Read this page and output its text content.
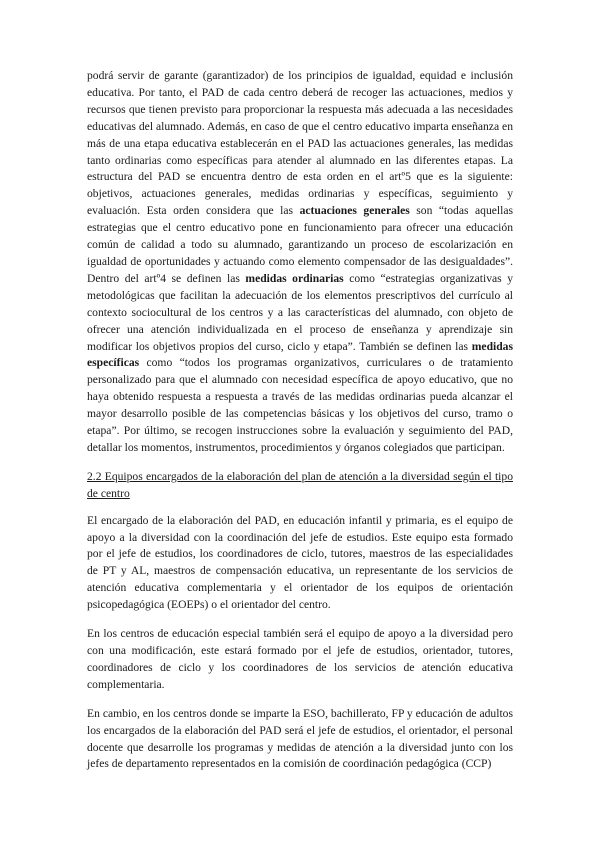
podrá servir de garante (garantizador) de los principios de igualdad, equidad e inclusión educativa. Por tanto, el PAD de cada centro deberá de recoger las actuaciones, medios y recursos que tienen previsto para proporcionar la respuesta más adecuada a las necesidades educativas del alumnado. Además, en caso de que el centro educativo imparta enseñanza en más de una etapa educativa establecerán en el PAD las actuaciones generales, las medidas tanto ordinarias como específicas para atender al alumnado en las diferentes etapas. La estructura del PAD se encuentra dentro de esta orden en el artº5 que es la siguiente: objetivos, actuaciones generales, medidas ordinarias y específicas, seguimiento y evaluación. Esta orden considera que las actuaciones generales son “todas aquellas estrategias que el centro educativo pone en funcionamiento para ofrecer una educación común de calidad a todo su alumnado, garantizando un proceso de escolarización en igualdad de oportunidades y actuando como elemento compensador de las desigualdades”. Dentro del artº4 se definen las medidas ordinarias como “estrategias organizativas y metodológicas que facilitan la adecuación de los elementos prescriptivos del currículo al contexto sociocultural de los centros y a las características del alumnado, con objeto de ofrecer una atención individualizada en el proceso de enseñanza y aprendizaje sin modificar los objetivos propios del curso, ciclo y etapa”. También se definen las medidas específicas como “todos los programas organizativos, curriculares o de tratamiento personalizado para que el alumnado con necesidad específica de apoyo educativo, que no haya obtenido respuesta a respuesta a través de las medidas ordinarias pueda alcanzar el mayor desarrollo posible de las competencias básicas y los objetivos del curso, tramo o etapa”. Por último, se recogen instrucciones sobre la evaluación y seguimiento del PAD, detallar los momentos, instrumentos, procedimientos y órganos colegiados que participan.

2.2 Equipos encargados de la elaboración del plan de atención a la diversidad según el tipo de centro

El encargado de la elaboración del PAD, en educación infantil y primaria, es el equipo de apoyo a la diversidad con la coordinación del jefe de estudios. Este equipo esta formado por el jefe de estudios, los coordinadores de ciclo, tutores, maestros de las especialidades de PT y AL, maestros de compensación educativa, un representante de los servicios de atención educativa complementaria y el orientador de los equipos de orientación psicopedagógica (EOEPs) o el orientador del centro.

En los centros de educación especial también será el equipo de apoyo a la diversidad pero con una modificación, este estará formado por el jefe de estudios, orientador, tutores, coordinadores de ciclo y los coordinadores de los servicios de atención educativa complementaria.

En cambio, en los centros donde se imparte la ESO, bachillerato, FP y educación de adultos los encargados de la elaboración del PAD será el jefe de estudios, el orientador, el personal docente que desarrolle los programas y medidas de atención a la diversidad junto con los jefes de departamento representados en la comisión de coordinación pedagógica (CCP)
